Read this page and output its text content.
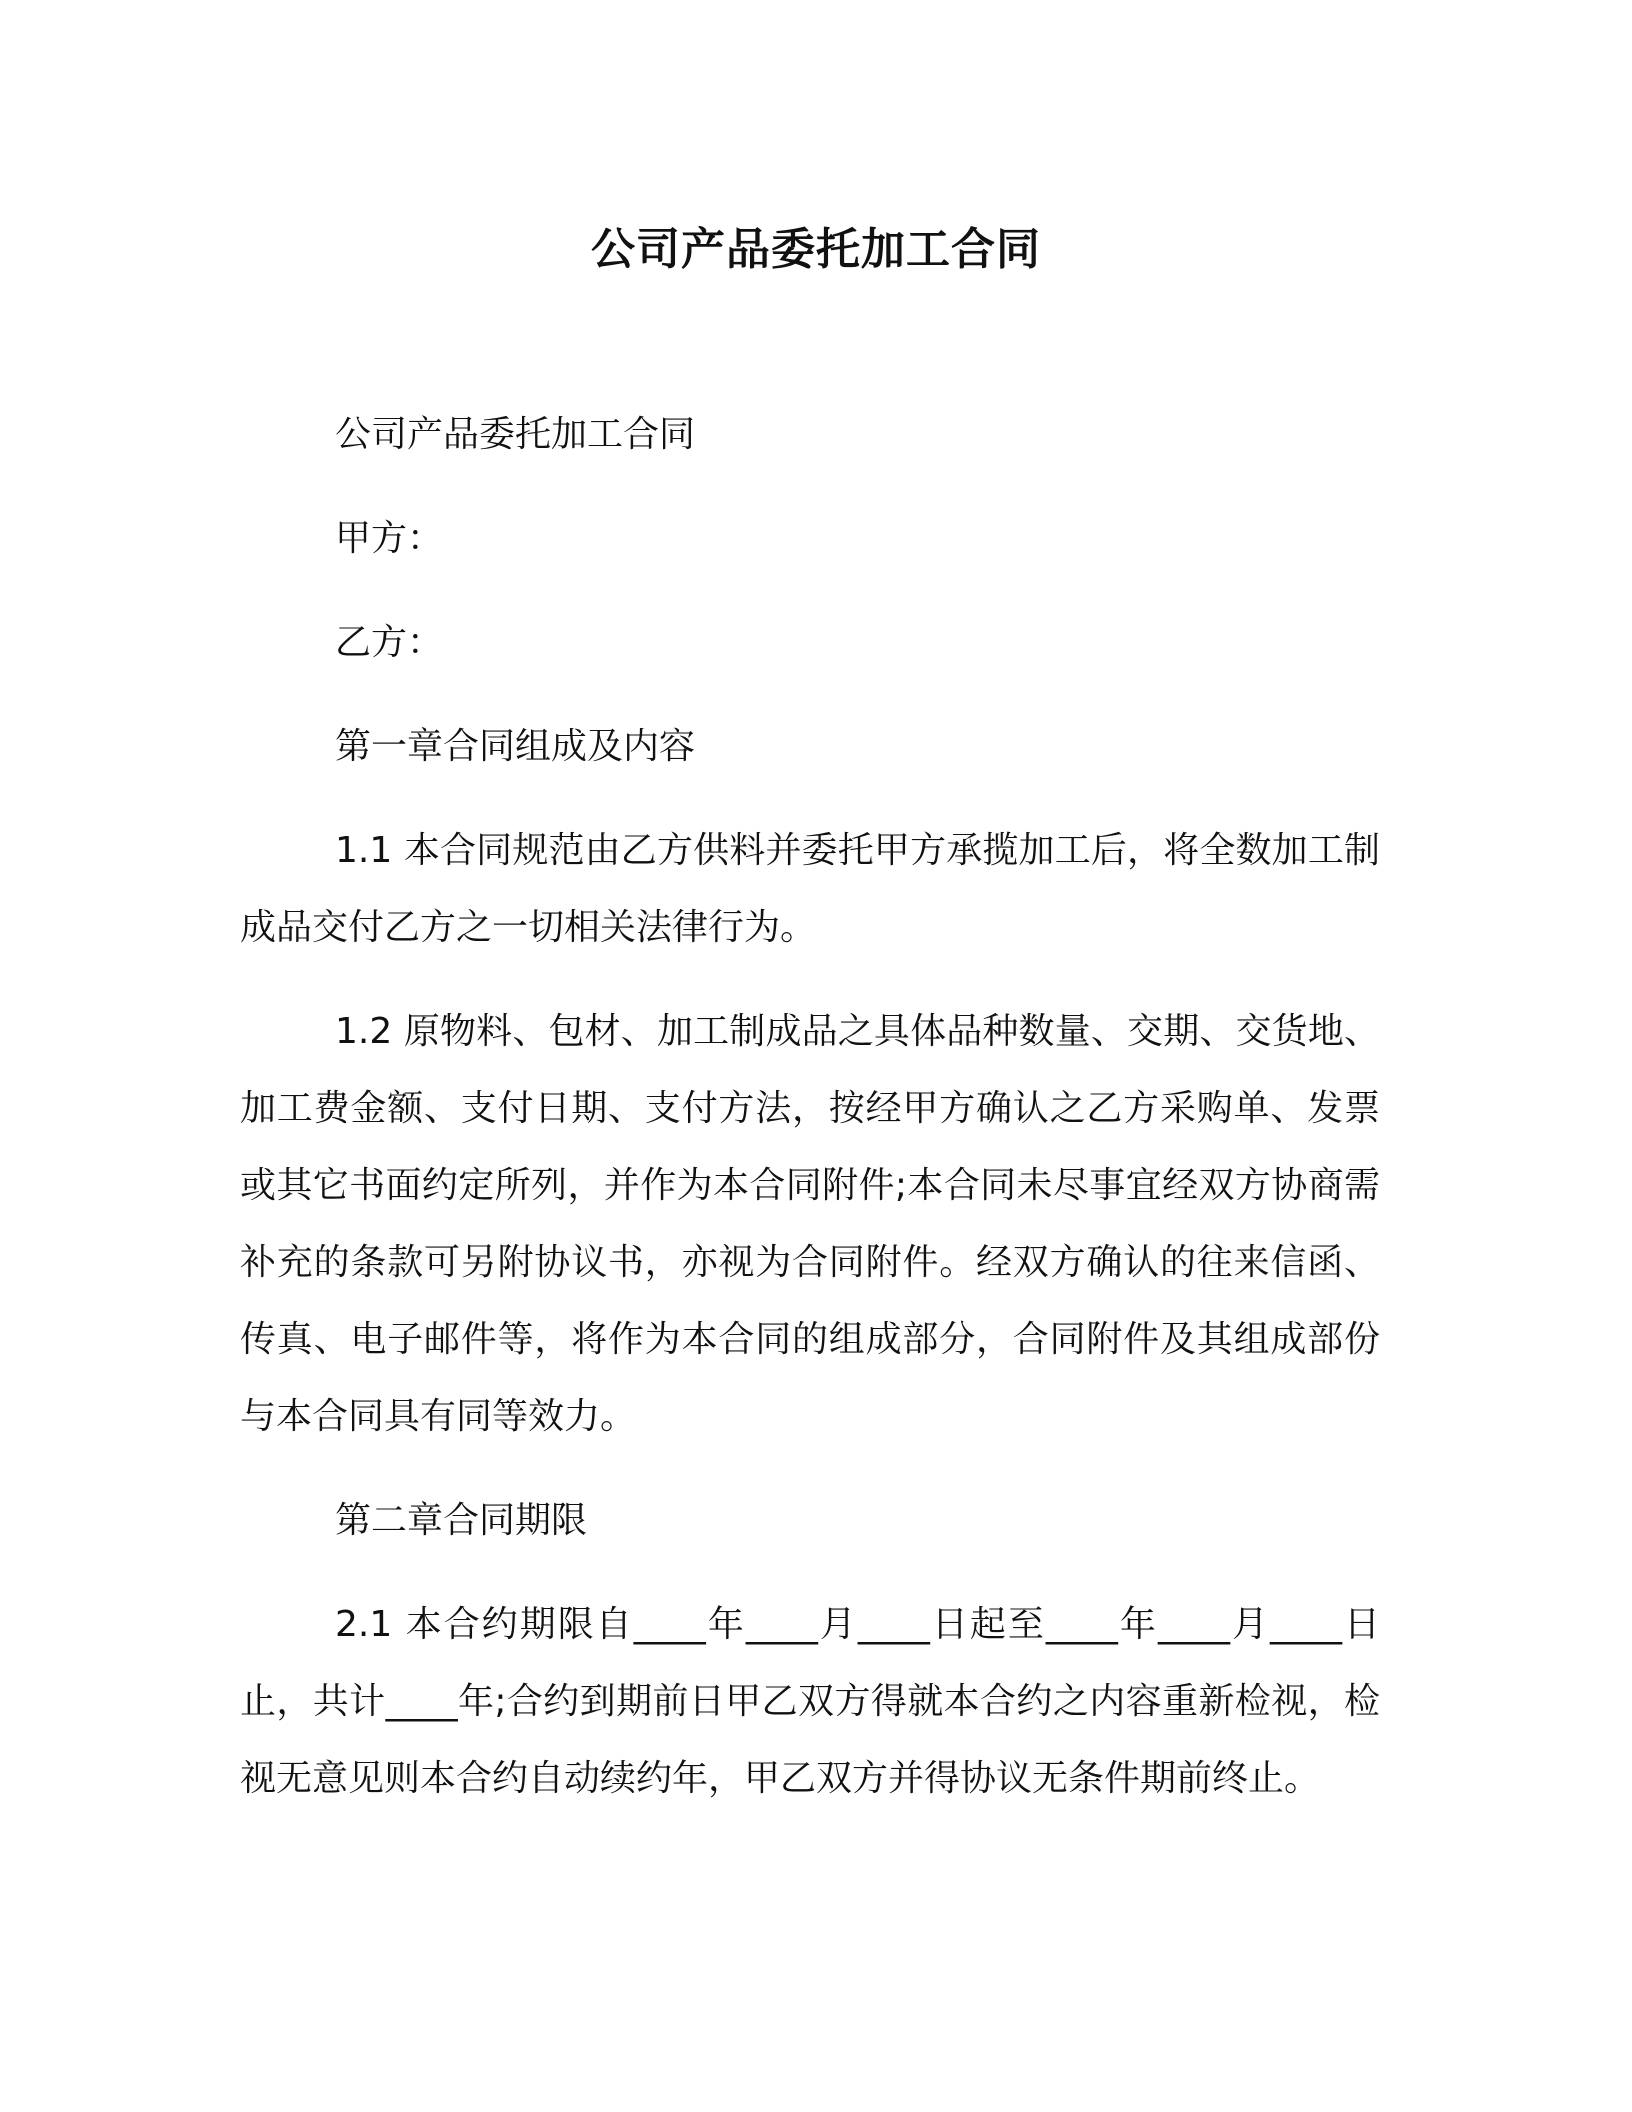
公司产品委托加工合同

公司产品委托加工合同

甲方：

乙方：

第一章合同组成及内容

1.1 本合同规范由乙方供料并委托甲方承揽加工后，将全数加工制成品交付乙方之一切相关法律行为。

1.2 原物料、包材、加工制成品之具体品种数量、交期、交货地、加工费金额、支付日期、支付方法，按经甲方确认之乙方采购单、发票或其它书面约定所列，并作为本合同附件;本合同未尽事宜经双方协商需补充的条款可另附协议书，亦视为合同附件。经双方确认的往来信函、传真、电子邮件等，将作为本合同的组成部分，合同附件及其组成部份与本合同具有同等效力。

第二章合同期限

2.1 本合约期限自____年____月____日起至____年____月____日止，共计____年;合约到期前日甲乙双方得就本合约之内容重新检视，检视无意见则本合约自动续约年，甲乙双方并得协议无条件期前终止。
